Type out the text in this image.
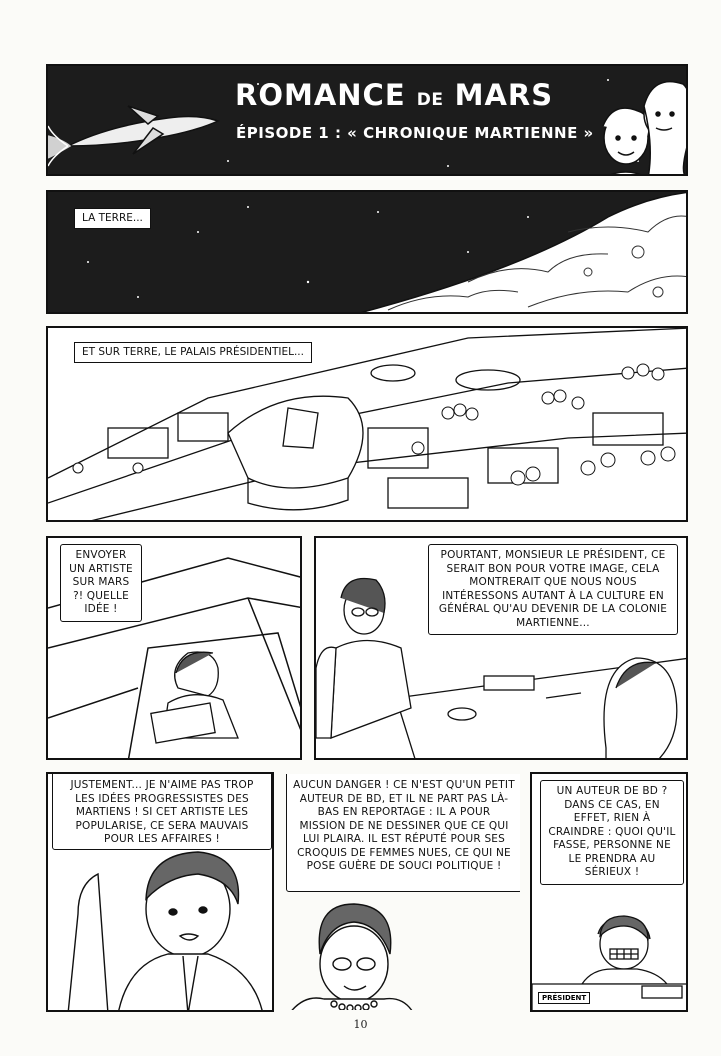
ROMANCE DE MARS
ÉPISODE 1 : « CHRONIQUE MARTIENNE »
LA TERRE...
ET SUR TERRE, LE PALAIS PRÉSIDENTIEL...
ENVOYER UN ARTISTE SUR MARS ?! QUELLE IDÉE !
POURTANT, MONSIEUR LE PRÉSIDENT, CE SERAIT BON POUR VOTRE IMAGE, CELA MONTRERAIT QUE NOUS NOUS INTÉRESSONS AUTANT À LA CULTURE EN GÉNÉRAL QU'AU DEVENIR DE LA COLONIE MARTIENNE...
JUSTEMENT... JE N'AIME PAS TROP LES IDÉES PROGRESSISTES DES MARTIENS ! SI CET ARTISTE LES POPULARISE, CE SERA MAUVAIS POUR LES AFFAIRES !
AUCUN DANGER ! CE N'EST QU'UN PETIT AUTEUR DE BD, ET IL NE PART PAS LÀ-BAS EN REPORTAGE : IL A POUR MISSION DE NE DESSINER QUE CE QUI LUI PLAIRA. IL EST RÉPUTÉ POUR SES CROQUIS DE FEMMES NUES, CE QUI NE POSE GUÈRE DE SOUCI POLITIQUE !
UN AUTEUR DE BD ? DANS CE CAS, EN EFFET, RIEN À CRAINDRE : QUOI QU'IL FASSE, PERSONNE NE LE PRENDRA AU SÉRIEUX !
PRÉSIDENT
10
